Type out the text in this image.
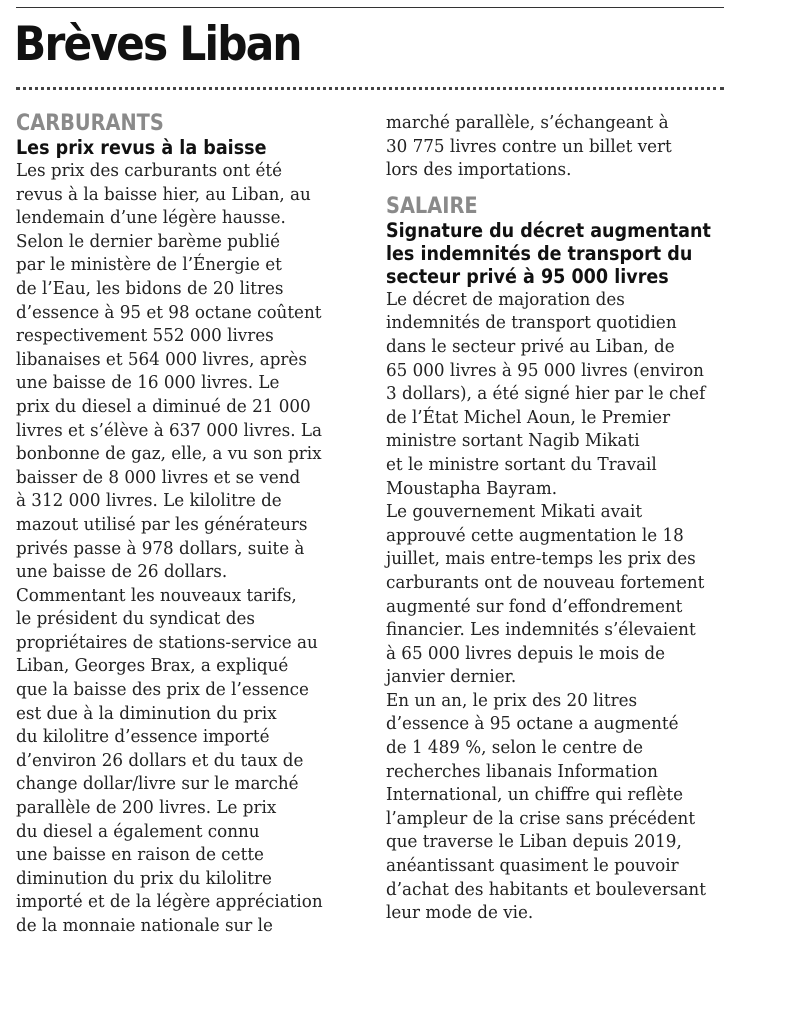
Brèves Liban
CARBURANTS
Les prix revus à la baisse
Les prix des carburants ont été
revus à la baisse hier, au Liban, au
lendemain d’une légère hausse.
Selon le dernier barème publié
par le ministère de l’Énergie et
de l’Eau, les bidons de 20 litres
d’essence à 95 et 98 octane coûtent
respectivement 552 000 livres
libanaises et 564 000 livres, après
une baisse de 16 000 livres. Le
prix du diesel a diminué de 21 000
livres et s’élève à 637 000 livres. La
bonbonne de gaz, elle, a vu son prix
baisser de 8 000 livres et se vend
à 312 000 livres. Le kilolitre de
mazout utilisé par les générateurs
privés passe à 978 dollars, suite à
une baisse de 26 dollars.
Commentant les nouveaux tarifs,
le président du syndicat des
propriétaires de stations-service au
Liban, Georges Brax, a expliqué
que la baisse des prix de l’essence
est due à la diminution du prix
du kilolitre d’essence importé
d’environ 26 dollars et du taux de
change dollar/livre sur le marché
parallèle de 200 livres. Le prix
du diesel a également connu
une baisse en raison de cette
diminution du prix du kilolitre
importé et de la légère appréciation
de la monnaie nationale sur le
marché parallèle, s’échangeant à
30 775 livres contre un billet vert
lors des importations.
SALAIRE
Signature du décret augmentant
les indemnités de transport du
secteur privé à 95 000 livres
Le décret de majoration des
indemnités de transport quotidien
dans le secteur privé au Liban, de
65 000 livres à 95 000 livres (environ
3 dollars), a été signé hier par le chef
de l’État Michel Aoun, le Premier
ministre sortant Nagib Mikati
et le ministre sortant du Travail
Moustapha Bayram.
Le gouvernement Mikati avait
approuvé cette augmentation le 18
juillet, mais entre-temps les prix des
carburants ont de nouveau fortement
augmenté sur fond d’effondrement
financier. Les indemnités s’élevaient
à 65 000 livres depuis le mois de
janvier dernier.
En un an, le prix des 20 litres
d’essence à 95 octane a augmenté
de 1 489 %, selon le centre de
recherches libanais Information
International, un chiffre qui reflète
l’ampleur de la crise sans précédent
que traverse le Liban depuis 2019,
anéantissant quasiment le pouvoir
d’achat des habitants et bouleversant
leur mode de vie.
